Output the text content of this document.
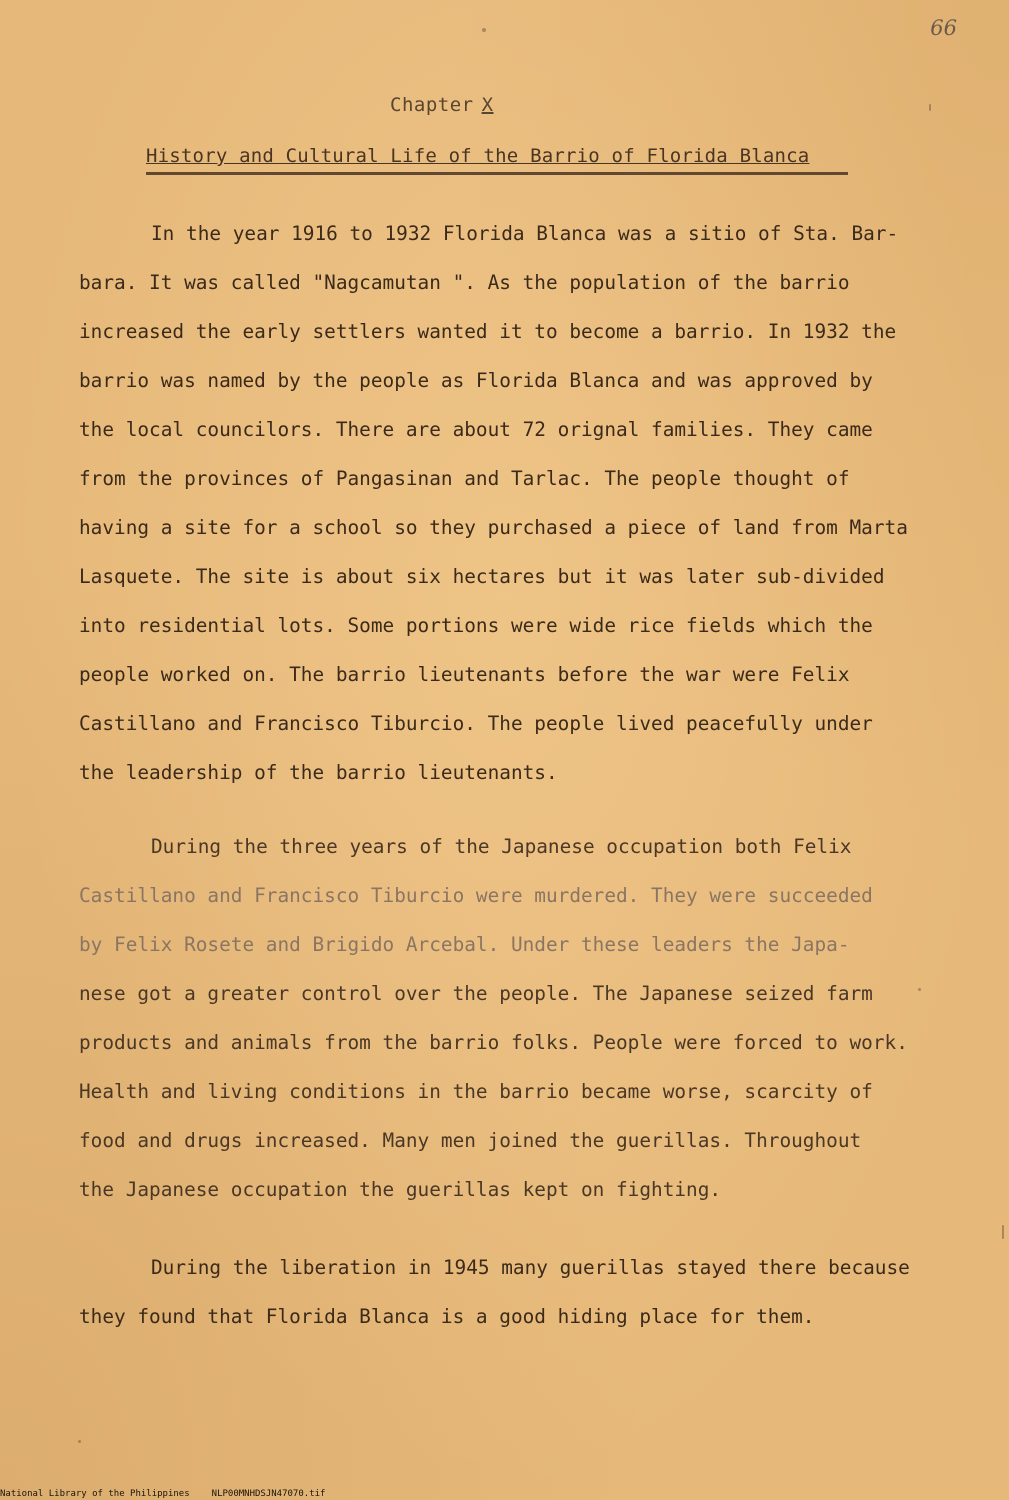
66
Chapter X
History and Cultural Life of the Barrio of Florida Blanca
In the year 1916 to 1932 Florida Blanca was a sitio of Sta. Bar-
bara. It was called "Nagcamutan ". As the population of the barrio
increased the early settlers wanted it to become a barrio. In 1932 the
barrio was named by the people as Florida Blanca and was approved by
the local councilors. There are about 72 orignal families. They came
from the provinces of Pangasinan and Tarlac. The people thought of
having a site for a school so they purchased a piece of land from Marta
Lasquete. The site is about six hectares but it was later sub-divided
into residential lots. Some portions were wide rice fields which the
people worked on. The barrio lieutenants before the war were Felix
Castillano and Francisco Tiburcio. The people lived peacefully under
the leadership of the barrio lieutenants.
During the three years of the Japanese occupation both Felix
Castillano and Francisco Tiburcio were murdered. They were succeeded
by Felix Rosete and Brigido Arcebal. Under these leaders the Japa-
nese got a greater control over the people. The Japanese seized farm
products and animals from the barrio folks. People were forced to work.
Health and living conditions in the barrio became worse, scarcity of
food and drugs increased. Many men joined the guerillas. Throughout
the Japanese occupation the guerillas kept on fighting.
During the liberation in 1945 many guerillas stayed there because
they found that Florida Blanca is a good hiding place for them.
National Library of the Philippines NLP00MNHDSJN47070.tif
